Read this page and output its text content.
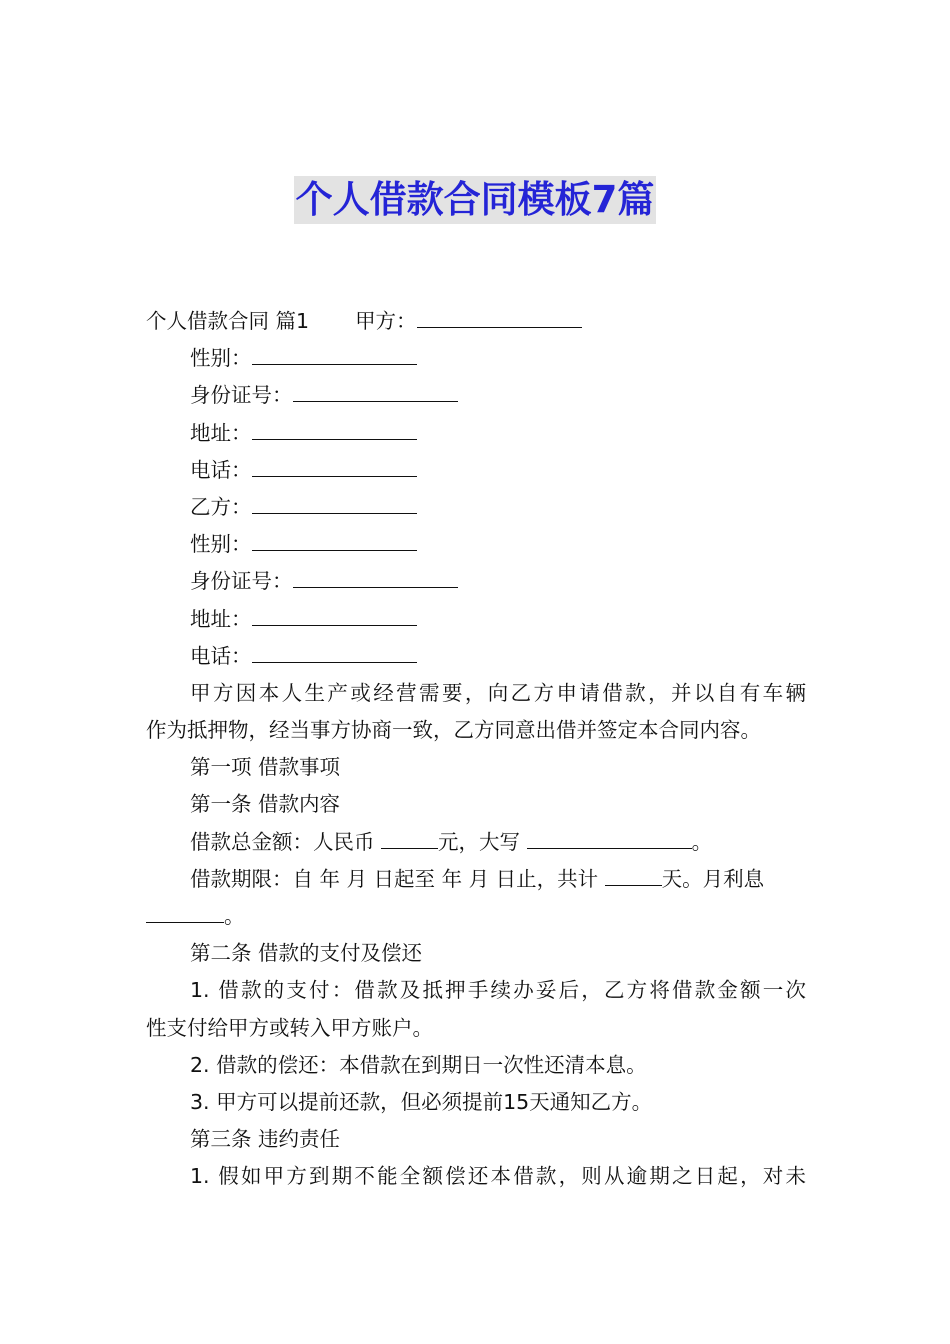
个人借款合同模板7篇
个人借款合同 篇1 甲方：
性别：
身份证号：
地址：
电话：
乙方：
性别：
身份证号：
地址：
电话：
甲方因本人生产或经营需要，向乙方申请借款，并以自有车辆
作为抵押物，经当事方协商一致，乙方同意出借并签定本合同内容。
第一项 借款事项
第一条 借款内容
借款总金额：人民币	元，大写	。
借款期限：自 年 月 日起至 年 月 日止，共计	天。月利息
。
第二条 借款的支付及偿还
1. 借款的支付：借款及抵押手续办妥后，乙方将借款金额一次
性支付给甲方或转入甲方账户。
2. 借款的偿还：本借款在到期日一次性还清本息。
3. 甲方可以提前还款，但必须提前15天通知乙方。
第三条 违约责任
1. 假如甲方到期不能全额偿还本借款，则从逾期之日起，对未
